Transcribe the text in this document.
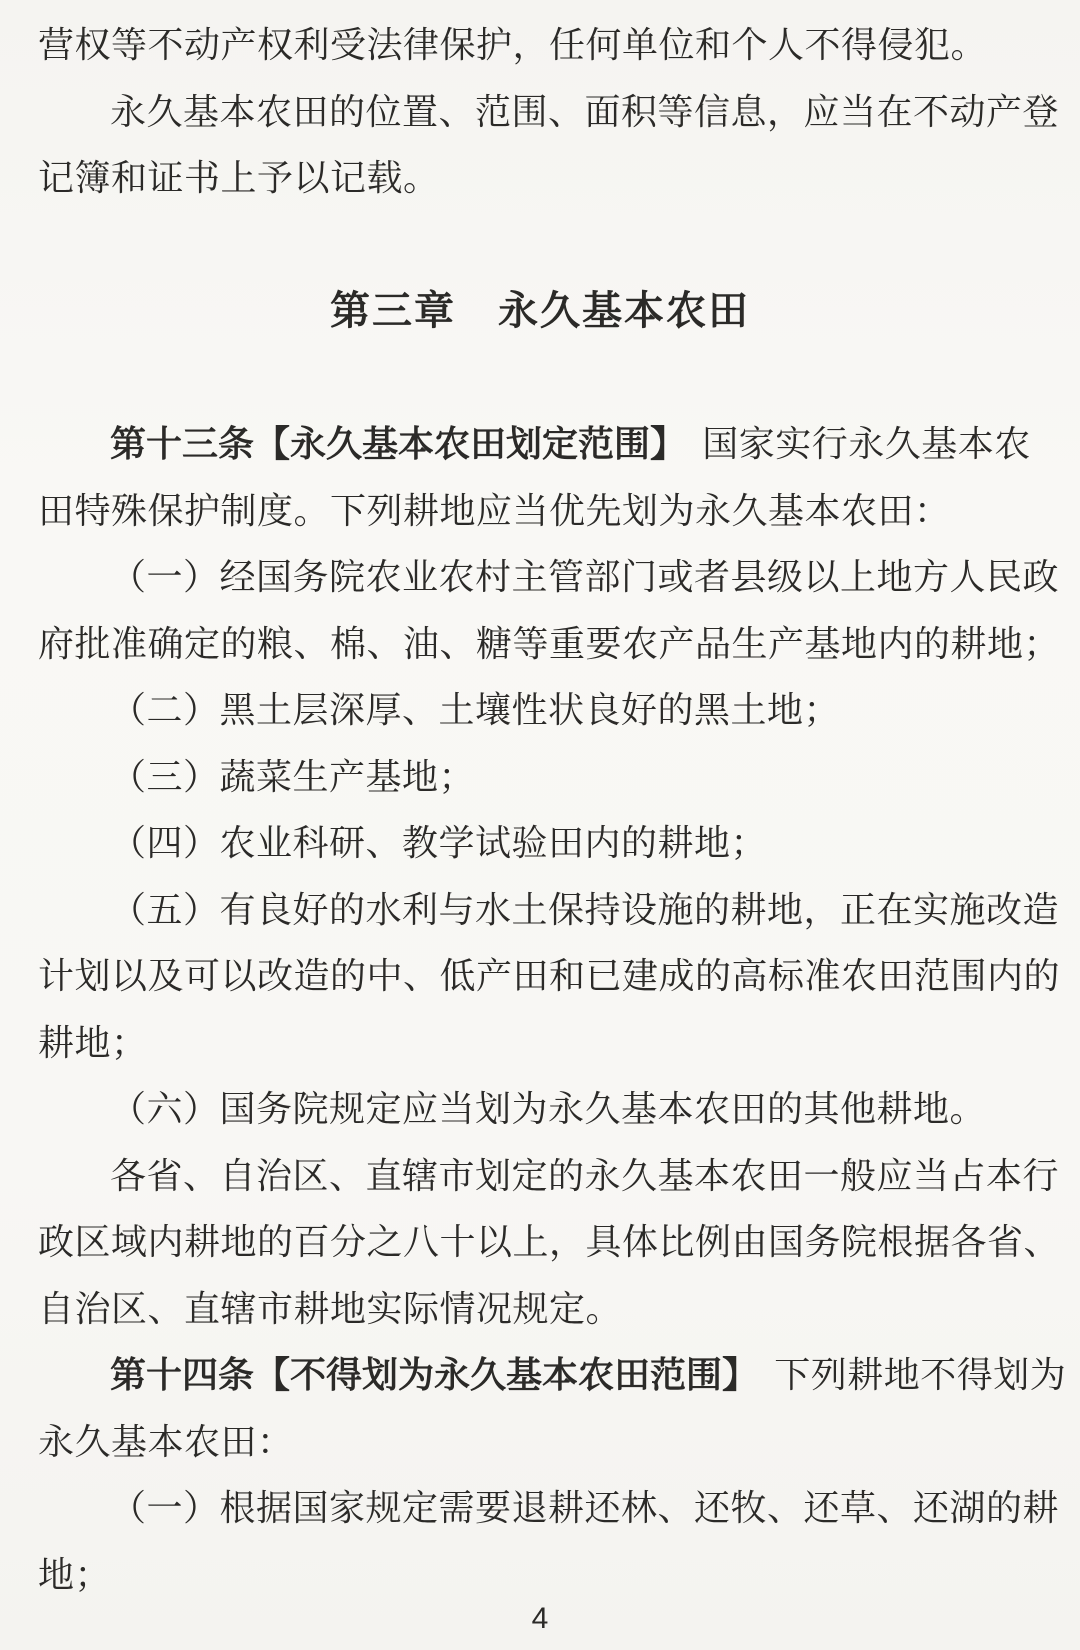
营权等不动产权利受法律保护，任何单位和个人不得侵犯。
永久基本农田的位置、范围、面积等信息，应当在不动产登
记簿和证书上予以记载。
第三章　永久基本农田
第十三条【永久基本农田划定范围】 国家实行永久基本农
田特殊保护制度。下列耕地应当优先划为永久基本农田：
（一）经国务院农业农村主管部门或者县级以上地方人民政
府批准确定的粮、棉、油、糖等重要农产品生产基地内的耕地；
（二）黑土层深厚、土壤性状良好的黑土地；
（三）蔬菜生产基地；
（四）农业科研、教学试验田内的耕地；
（五）有良好的水利与水土保持设施的耕地，正在实施改造
计划以及可以改造的中、低产田和已建成的高标准农田范围内的
耕地；
（六）国务院规定应当划为永久基本农田的其他耕地。
各省、自治区、直辖市划定的永久基本农田一般应当占本行
政区域内耕地的百分之八十以上，具体比例由国务院根据各省、
自治区、直辖市耕地实际情况规定。
第十四条【不得划为永久基本农田范围】 下列耕地不得划为
永久基本农田：
（一）根据国家规定需要退耕还林、还牧、还草、还湖的耕
地；
4
